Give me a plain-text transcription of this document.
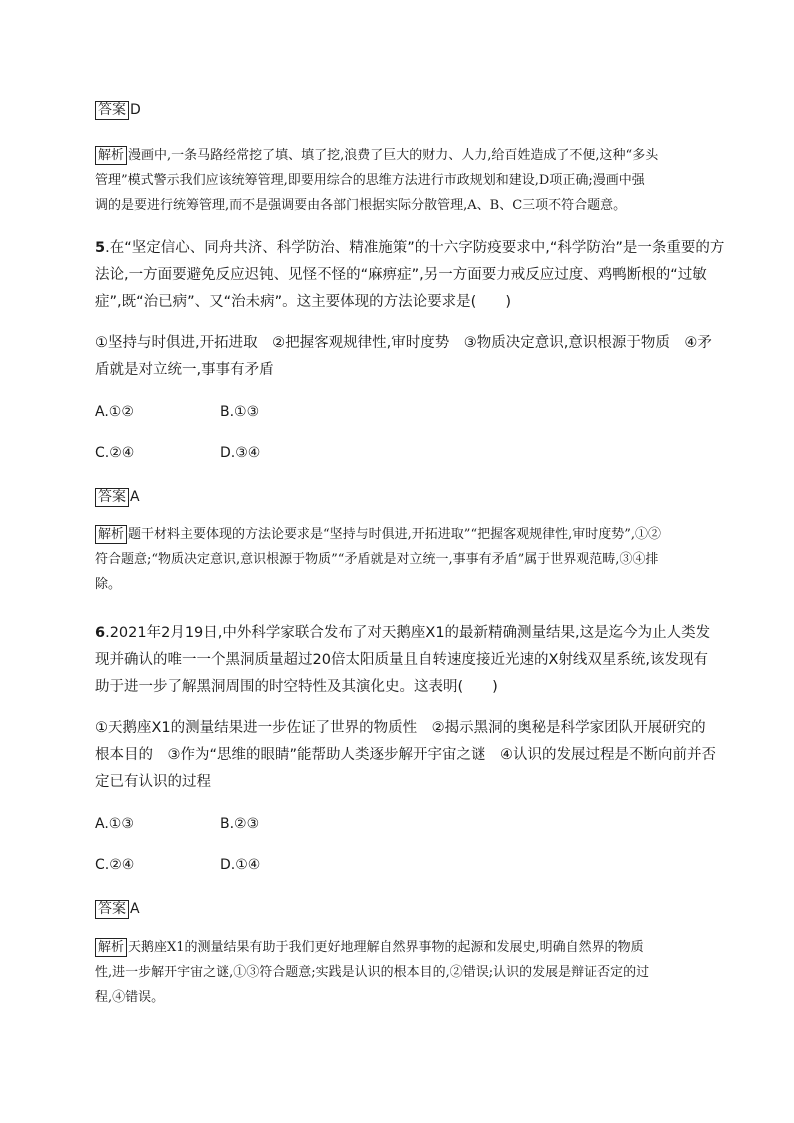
答案 D
解析 漫画中,一条马路经常挖了填、填了挖,浪费了巨大的财力、人力,给百姓造成了不便,这种“多头
管理”模式警示我们应该统筹管理,即要用综合的思维方法进行市政规划和建设,D项正确;漫画中强
调的是要进行统筹管理,而不是强调要由各部门根据实际分散管理,A、B、C三项不符合题意。
5.在“坚定信心、同舟共济、科学防治、精准施策”的十六字防疫要求中,“科学防治”是一条重要的方
法论,一方面要避免反应迟钝、见怪不怪的“麻痹症”,另一方面要力戒反应过度、鸡鸭断根的“过敏
症”,既“治已病”、又“治未病”。这主要体现的方法论要求是(　　)
①坚持与时俱进,开拓进取　②把握客观规律性,审时度势　③物质决定意识,意识根源于物质　④矛
盾就是对立统一,事事有矛盾
A.①②	B.①③
C.②④	D.③④
答案 A
解析 题干材料主要体现的方法论要求是“坚持与时俱进,开拓进取”“把握客观规律性,审时度势”,①②
符合题意;“物质决定意识,意识根源于物质”“矛盾就是对立统一,事事有矛盾”属于世界观范畴,③④排
除。
6.2021年2月19日,中外科学家联合发布了对天鹅座X1的最新精确测量结果,这是迄今为止人类发
现并确认的唯一一个黑洞质量超过20倍太阳质量且自转速度接近光速的X射线双星系统,该发现有
助于进一步了解黑洞周围的时空特性及其演化史。这表明(　　)
①天鹅座X1的测量结果进一步佐证了世界的物质性　②揭示黑洞的奥秘是科学家团队开展研究的
根本目的　③作为“思维的眼睛”能帮助人类逐步解开宇宙之谜　④认识的发展过程是不断向前并否
定已有认识的过程
A.①③	B.②③
C.②④	D.①④
答案 A
解析 天鹅座X1的测量结果有助于我们更好地理解自然界事物的起源和发展史,明确自然界的物质
性,进一步解开宇宙之谜,①③符合题意;实践是认识的根本目的,②错误;认识的发展是辩证否定的过
程,④错误。
